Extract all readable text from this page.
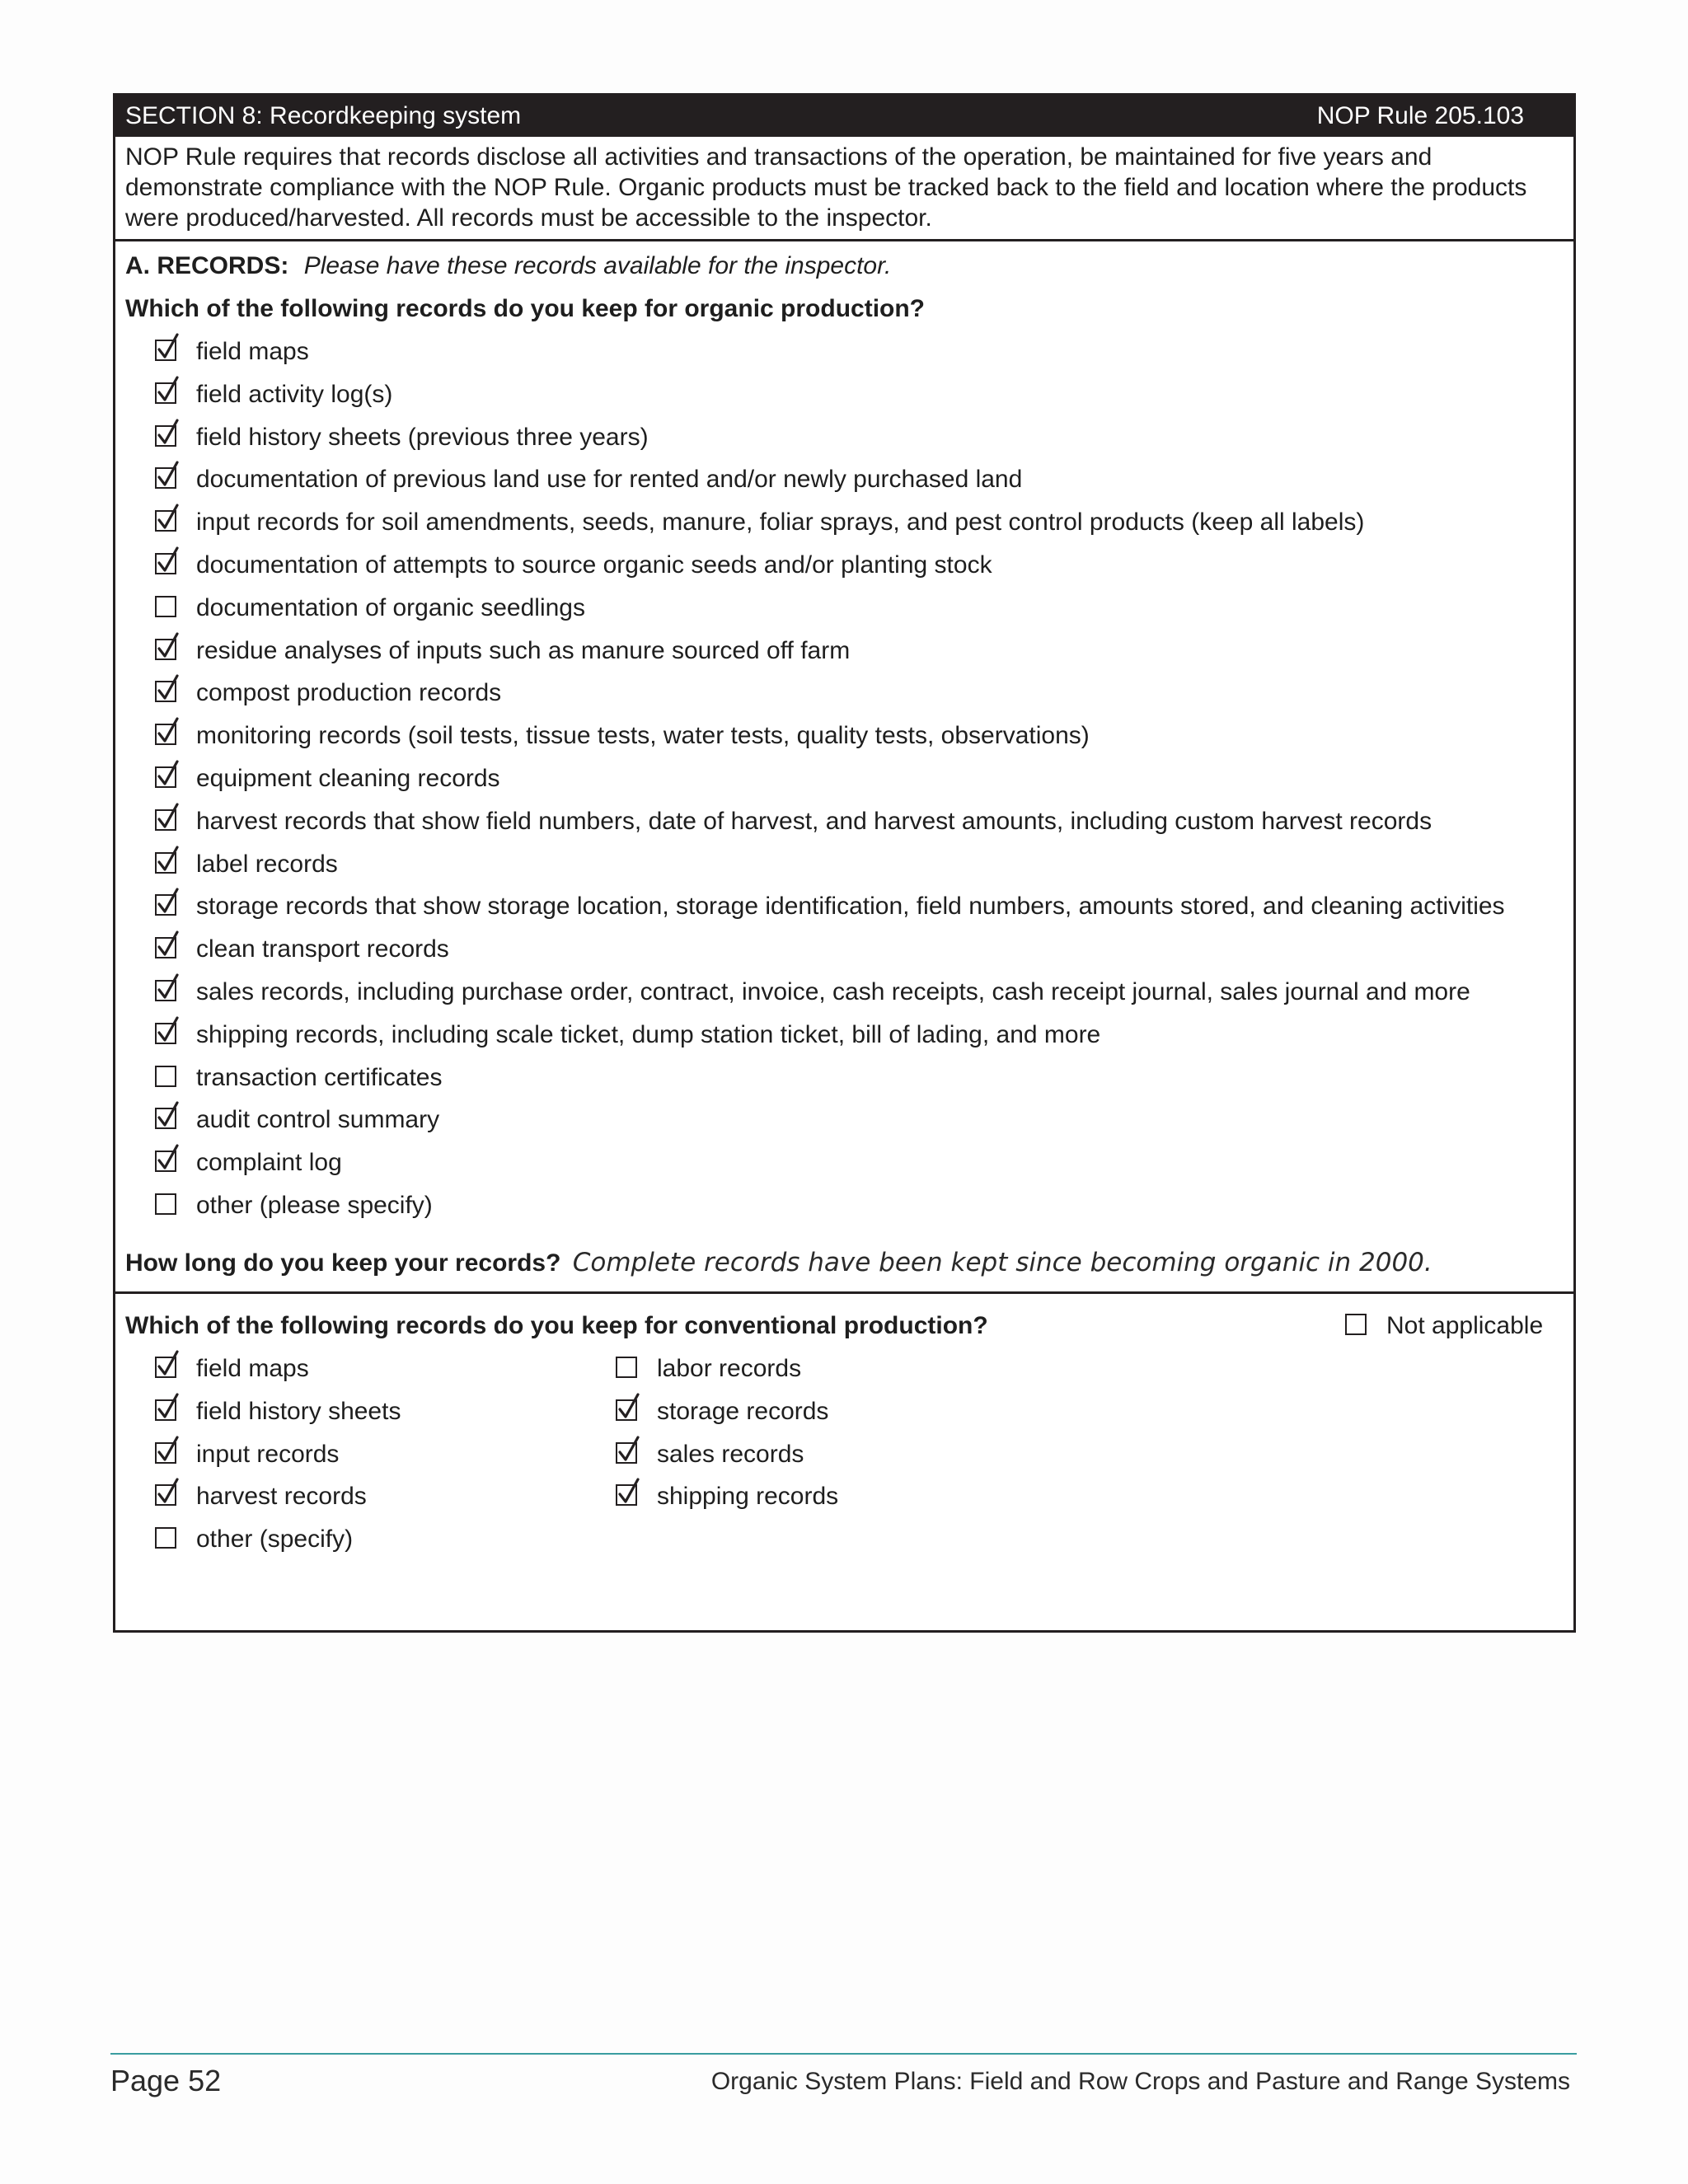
SECTION 8: Recordkeeping system	NOP Rule 205.103
NOP Rule requires that records disclose all activities and transactions of the operation, be maintained for five years and demonstrate compliance with the NOP Rule. Organic products must be tracked back to the field and location where the products were produced/harvested. All records must be accessible to the inspector.
A. RECORDS: Please have these records available for the inspector.
Which of the following records do you keep for organic production?
field maps
field activity log(s)
field history sheets (previous three years)
documentation of previous land use for rented and/or newly purchased land
input records for soil amendments, seeds, manure, foliar sprays, and pest control products (keep all labels)
documentation of attempts to source organic seeds and/or planting stock
documentation of organic seedlings
residue analyses of inputs such as manure sourced off farm
compost production records
monitoring records (soil tests, tissue tests, water tests, quality tests, observations)
equipment cleaning records
harvest records that show field numbers, date of harvest, and harvest amounts, including custom harvest records
label records
storage records that show storage location, storage identification, field numbers, amounts stored, and cleaning activities
clean transport records
sales records, including purchase order, contract, invoice, cash receipts, cash receipt journal, sales journal and more
shipping records, including scale ticket, dump station ticket, bill of lading, and more
transaction certificates
audit control summary
complaint log
other (please specify)
How long do you keep your records? Complete records have been kept since becoming organic in 2000.
Which of the following records do you keep for conventional production?	Not applicable
field maps
field history sheets
input records
harvest records
other (specify)
labor records
storage records
sales records
shipping records
Page 52	Organic System Plans: Field and Row Crops and Pasture and Range Systems
